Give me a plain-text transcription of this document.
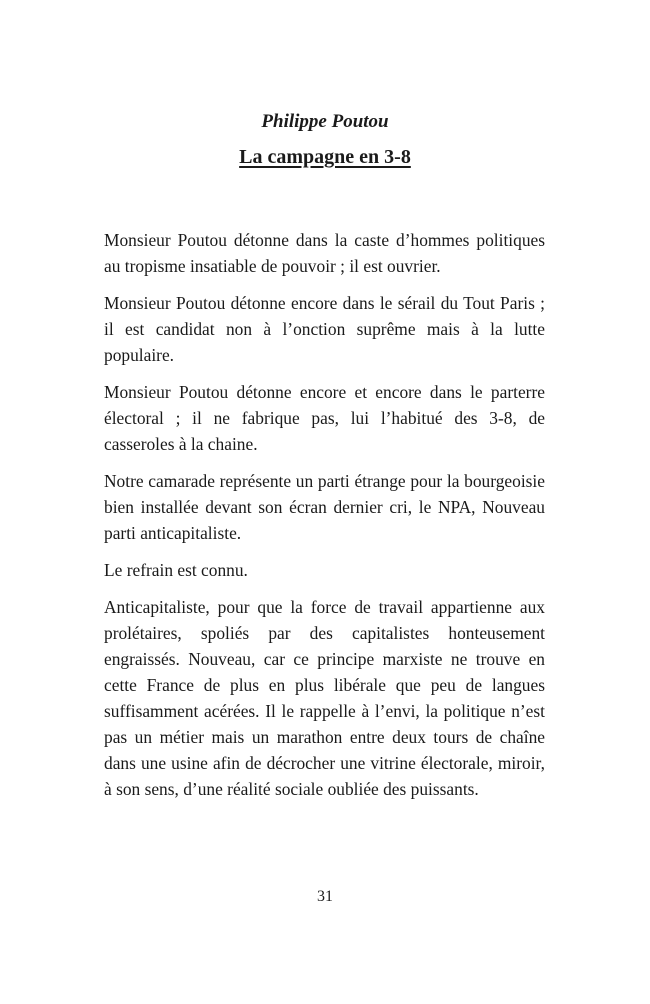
Philippe Poutou
La campagne en 3-8

Monsieur Poutou détonne dans la caste d’hommes politiques au tropisme insatiable de pouvoir ; il est ouvrier.

Monsieur Poutou détonne encore dans le sérail du Tout Paris ; il est candidat non à l’onction suprême mais à la lutte populaire.

Monsieur Poutou détonne encore et encore dans le parterre électoral ; il ne fabrique pas, lui l’habitué des 3-8, de casseroles à la chaine.

Notre camarade représente un parti étrange pour la bourgeoisie bien installée devant son écran dernier cri, le NPA, Nouveau parti anticapitaliste.

Le refrain est connu.

Anticapitaliste, pour que la force de travail appartienne aux prolétaires, spoliés par des capitalistes honteusement engraissés. Nouveau, car ce principe marxiste ne trouve en cette France de plus en plus libérale que peu de langues suffisamment acérées. Il le rappelle à l’envi, la politique n’est pas un métier mais un marathon entre deux tours de chaîne dans une usine afin de décrocher une vitrine électorale, miroir, à son sens, d’une réalité sociale oubliée des puissants.

31
